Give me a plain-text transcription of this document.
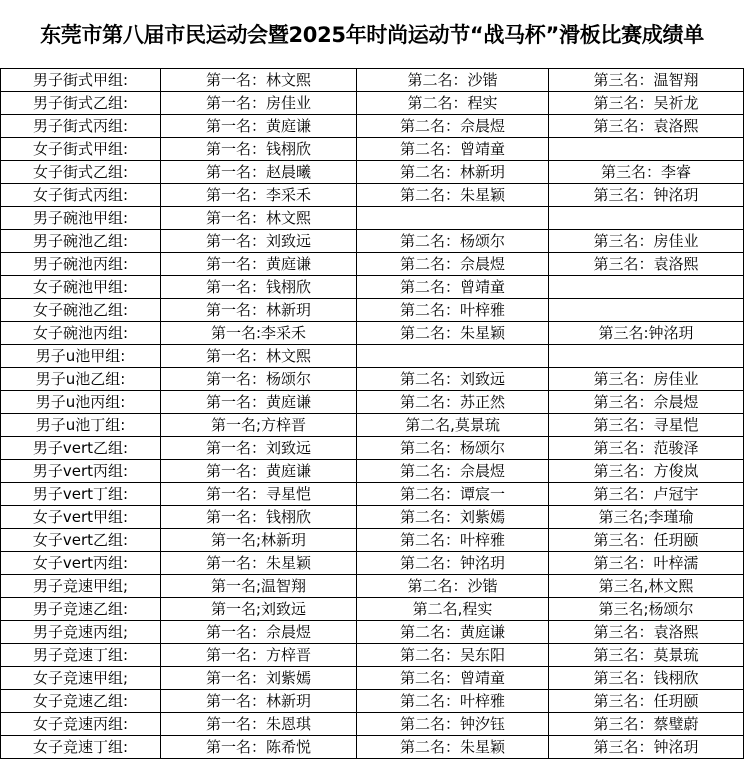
东莞市第八届市民运动会暨2025年时尚运动节“战马杯”滑板比赛成绩单
男子街式甲组:	第一名：林文熙	第二名：沙锴	第三名：温智翔
男子街式乙组:	第一名：房佳业	第二名：程实	第三名：吴祈龙
男子街式丙组:	第一名：黄庭谦	第二名：佘晨煜	第三名：袁洛熙
女子街式甲组:	第一名：钱栩欣	第二名：曾靖童
女子街式乙组:	第一名：赵晨曦	第二名：林新玥	第三名：李睿
女子街式丙组:	第一名：李采禾	第二名：朱星颖	第三名：钟洺玥
男子碗池甲组:	第一名：林文熙
男子碗池乙组:	第一名：刘致远	第二名：杨颂尔	第三名：房佳业
男子碗池丙组:	第一名：黄庭谦	第二名：佘晨煜	第三名：袁洛熙
女子碗池甲组:	第一名：钱栩欣	第二名：曾靖童
女子碗池乙组:	第一名：林新玥	第二名：叶梓雅
女子碗池丙组:	第一名:李采禾	第二名：朱星颖	第三名:钟洺玥
男子u池甲组:	第一名：林文熙
男子u池乙组:	第一名：杨颂尔	第二名：刘致远	第三名：房佳业
男子u池丙组:	第一名：黄庭谦	第二名：苏正然	第三名：佘晨煜
男子u池丁组:	第一名;方梓晋	第二名,莫景琉	第三名：寻星恺
男子vert乙组:	第一名：刘致远	第二名：杨颂尔	第三名：范骏泽
男子vert丙组:	第一名：黄庭谦	第二名：佘晨煜	第三名：方俊岚
男子vert丁组:	第一名：寻星恺	第二名：谭宸一	第三名：卢冠宇
女子vert甲组:	第一名：钱栩欣	第二名：刘紫嫣	第三名;李瑾瑜
女子vert乙组:	第一名;林新玥	第二名：叶梓雅	第三名：任玥颐
女子vert丙组:	第一名：朱星颖	第二名：钟洺玥	第三名：叶梓濡
男子竞速甲组;	第一名;温智翔	第二名：沙锴	第三名,林文熙
男子竞速乙组:	第一名;刘致远	第二名,程实	第三名;杨颂尔
男子竞速丙组;	第一名：佘晨煜	第二名：黄庭谦	第三名：袁洛熙
男子竞速丁组:	第一名：方梓晋	第二名：吴东阳	第三名：莫景琉
女子竞速甲组;	第一名：刘紫嫣	第二名：曾靖童	第三名：钱栩欣
女子竞速乙组:	第一名：林新玥	第二名：叶梓雅	第三名：任玥颐
女子竞速丙组:	第一名：朱恩琪	第二名：钟汐钰	第三名：蔡璧蔚
女子竞速丁组:	第一名：陈希悦	第二名：朱星颖	第三名：钟洺玥
